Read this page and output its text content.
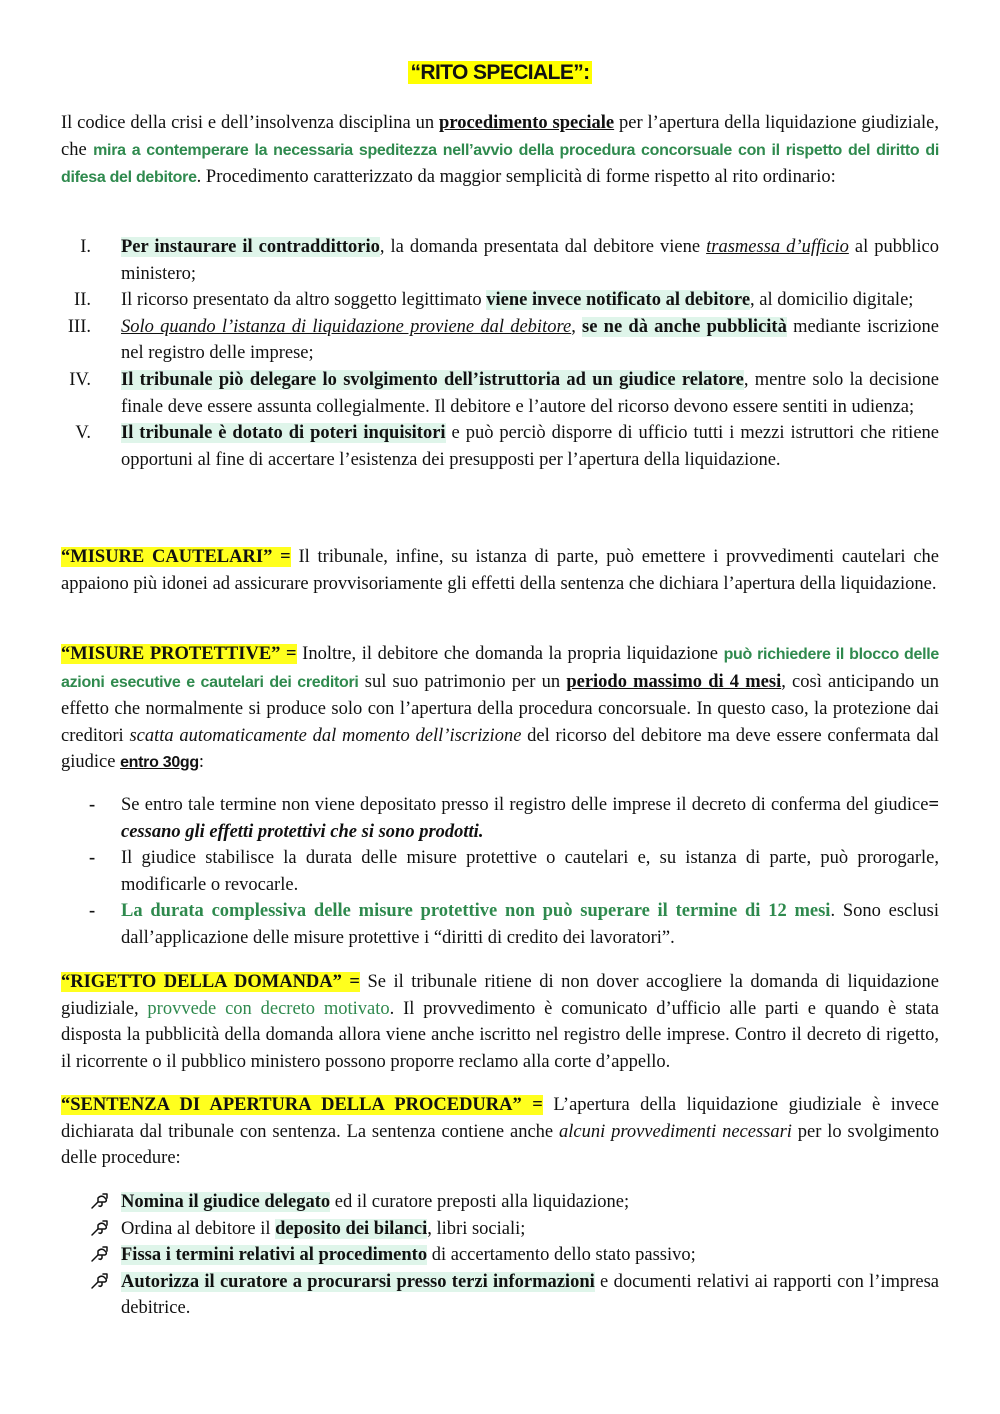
“RITO SPECIALE”:

Il codice della crisi e dell’insolvenza disciplina un procedimento speciale per l’apertura della liquidazione giudiziale, che mira a contemperare la necessaria speditezza nell’avvio della procedura concorsuale con il rispetto del diritto di difesa del debitore. Procedimento caratterizzato da maggior semplicità di forme rispetto al rito ordinario:

I. Per instaurare il contraddittorio, la domanda presentata dal debitore viene trasmessa d’ufficio al pubblico ministero;
II. Il ricorso presentato da altro soggetto legittimato viene invece notificato al debitore, al domicilio digitale;
III. Solo quando l’istanza di liquidazione proviene dal debitore, se ne dà anche pubblicità mediante iscrizione nel registro delle imprese;
IV. Il tribunale piò delegare lo svolgimento dell’istruttoria ad un giudice relatore, mentre solo la decisione finale deve essere assunta collegialmente. Il debitore e l’autore del ricorso devono essere sentiti in udienza;
V. Il tribunale è dotato di poteri inquisitori e può perciò disporre di ufficio tutti i mezzi istruttori che ritiene opportuni al fine di accertare l’esistenza dei presupposti per l’apertura della liquidazione.

“MISURE CAUTELARI” = Il tribunale, infine, su istanza di parte, può emettere i provvedimenti cautelari che appaiono più idonei ad assicurare provvisoriamente gli effetti della sentenza che dichiara l’apertura della liquidazione.

“MISURE PROTETTIVE” = Inoltre, il debitore che domanda la propria liquidazione può richiedere il blocco delle azioni esecutive e cautelari dei creditori sul suo patrimonio per un periodo massimo di 4 mesi, così anticipando un effetto che normalmente si produce solo con l’apertura della procedura concorsuale. In questo caso, la protezione dai creditori scatta automaticamente dal momento dell’iscrizione del ricorso del debitore ma deve essere confermata dal giudice entro 30gg:

- Se entro tale termine non viene depositato presso il registro delle imprese il decreto di conferma del giudice= cessano gli effetti protettivi che si sono prodotti.
- Il giudice stabilisce la durata delle misure protettive o cautelari e, su istanza di parte, può prorogarle, modificarle o revocarle.
- La durata complessiva delle misure protettive non può superare il termine di 12 mesi. Sono esclusi dall’applicazione delle misure protettive i “diritti di credito dei lavoratori”.

“RIGETTO DELLA DOMANDA” = Se il tribunale ritiene di non dover accogliere la domanda di liquidazione giudiziale, provvede con decreto motivato. Il provvedimento è comunicato d’ufficio alle parti e quando è stata disposta la pubblicità della domanda allora viene anche iscritto nel registro delle imprese. Contro il decreto di rigetto, il ricorrente o il pubblico ministero possono proporre reclamo alla corte d’appello.

“SENTENZA DI APERTURA DELLA PROCEDURA” = L’apertura della liquidazione giudiziale è invece dichiarata dal tribunale con sentenza. La sentenza contiene anche alcuni provvedimenti necessari per lo svolgimento delle procedure:

Nomina il giudice delegato ed il curatore preposti alla liquidazione;
Ordina al debitore il deposito dei bilanci, libri sociali;
Fissa i termini relativi al procedimento di accertamento dello stato passivo;
Autorizza il curatore a procurarsi presso terzi informazioni e documenti relativi ai rapporti con l’impresa debitrice.
